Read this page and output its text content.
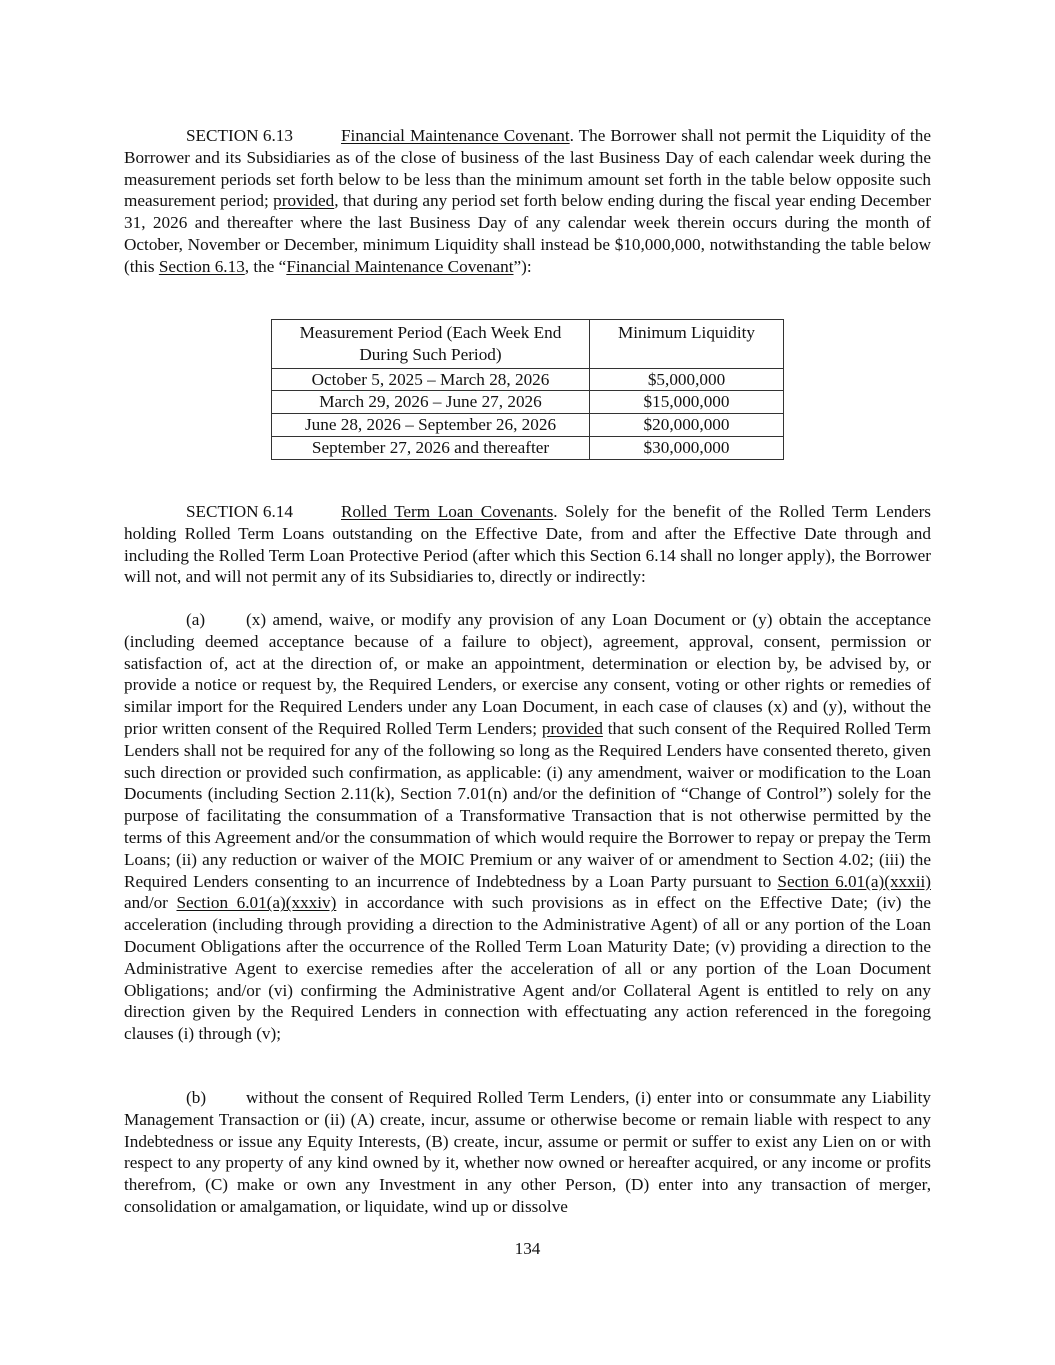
SECTION 6.13	Financial Maintenance Covenant. The Borrower shall not permit the Liquidity of the Borrower and its Subsidiaries as of the close of business of the last Business Day of each calendar week during the measurement periods set forth below to be less than the minimum amount set forth in the table below opposite such measurement period; provided, that during any period set forth below ending during the fiscal year ending December 31, 2026 and thereafter where the last Business Day of any calendar week therein occurs during the month of October, November or December, minimum Liquidity shall instead be $10,000,000, notwithstanding the table below (this Section 6.13, the “Financial Maintenance Covenant”):

Measurement Period (Each Week End During Such Period)	Minimum Liquidity
October 5, 2025 – March 28, 2026	$5,000,000
March 29, 2026 – June 27, 2026	$15,000,000
June 28, 2026 – September 26, 2026	$20,000,000
September 27, 2026 and thereafter	$30,000,000

SECTION 6.14	Rolled Term Loan Covenants. Solely for the benefit of the Rolled Term Lenders holding Rolled Term Loans outstanding on the Effective Date, from and after the Effective Date through and including the Rolled Term Loan Protective Period (after which this Section 6.14 shall no longer apply), the Borrower will not, and will not permit any of its Subsidiaries to, directly or indirectly:

(a) (x) amend, waive, or modify any provision of any Loan Document or (y) obtain the acceptance (including deemed acceptance because of a failure to object), agreement, approval, consent, permission or satisfaction of, act at the direction of, or make an appointment, determination or election by, be advised by, or provide a notice or request by, the Required Lenders, or exercise any consent, voting or other rights or remedies of similar import for the Required Lenders under any Loan Document, in each case of clauses (x) and (y), without the prior written consent of the Required Rolled Term Lenders; provided that such consent of the Required Rolled Term Lenders shall not be required for any of the following so long as the Required Lenders have consented thereto, given such direction or provided such confirmation, as applicable: (i) any amendment, waiver or modification to the Loan Documents (including Section 2.11(k), Section 7.01(n) and/or the definition of “Change of Control”) solely for the purpose of facilitating the consummation of a Transformative Transaction that is not otherwise permitted by the terms of this Agreement and/or the consummation of which would require the Borrower to repay or prepay the Term Loans; (ii) any reduction or waiver of the MOIC Premium or any waiver of or amendment to Section 4.02; (iii) the Required Lenders consenting to an incurrence of Indebtedness by a Loan Party pursuant to Section 6.01(a)(xxxii) and/or Section 6.01(a)(xxxiv) in accordance with such provisions as in effect on the Effective Date; (iv) the acceleration (including through providing a direction to the Administrative Agent) of all or any portion of the Loan Document Obligations after the occurrence of the Rolled Term Loan Maturity Date; (v) providing a direction to the Administrative Agent to exercise remedies after the acceleration of all or any portion of the Loan Document Obligations; and/or (vi) confirming the Administrative Agent and/or Collateral Agent is entitled to rely on any direction given by the Required Lenders in connection with effectuating any action referenced in the foregoing clauses (i) through (v);

(b) without the consent of Required Rolled Term Lenders, (i) enter into or consummate any Liability Management Transaction or (ii) (A) create, incur, assume or otherwise become or remain liable with respect to any Indebtedness or issue any Equity Interests, (B) create, incur, assume or permit or suffer to exist any Lien on or with respect to any property of any kind owned by it, whether now owned or hereafter acquired, or any income or profits therefrom, (C) make or own any Investment in any other Person, (D) enter into any transaction of merger, consolidation or amalgamation, or liquidate, wind up or dissolve

134
